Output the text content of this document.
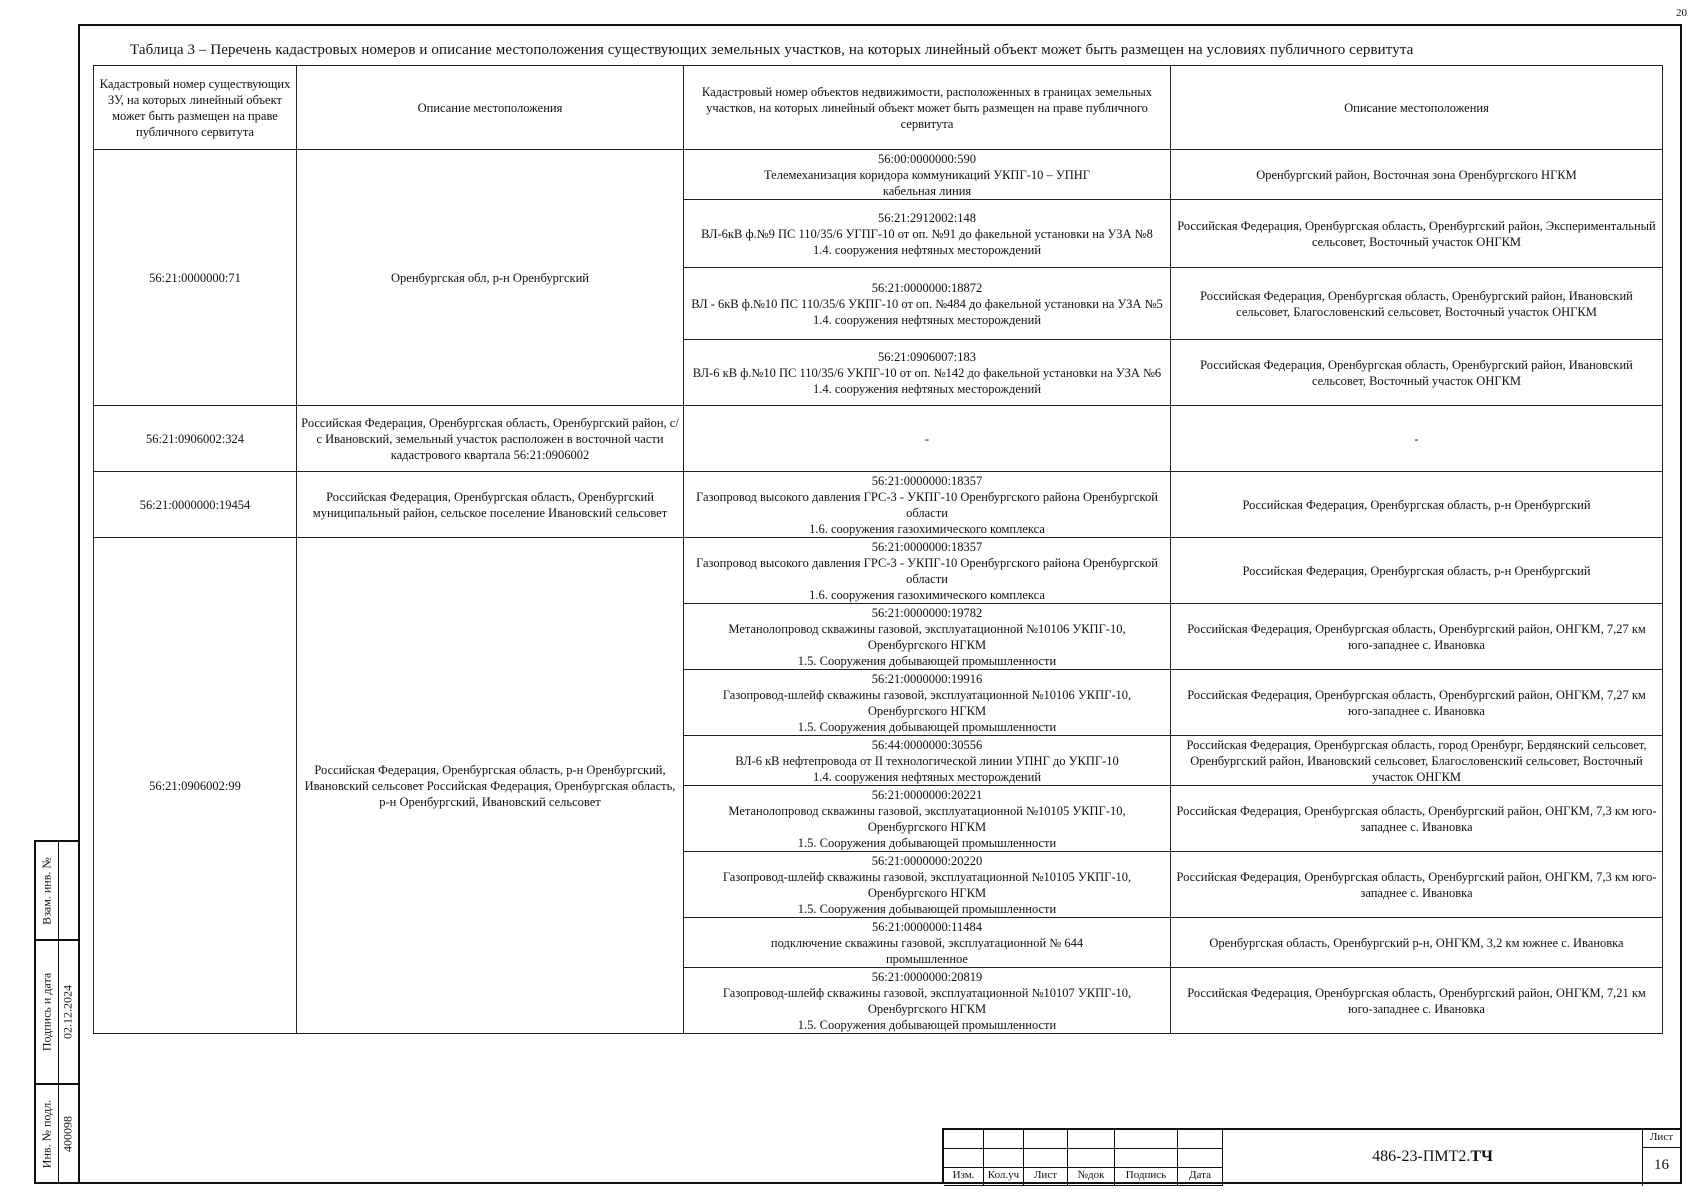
20
Таблица 3 – Перечень кадастровых номеров и описание местоположения существующих земельных участков, на которых линейный объект может быть размещен на условиях публичного сервитута
Кадастровый номер существующих ЗУ, на которых линейный объект может быть размещен на праве публичного сервитута	Описание местоположения	Кадастровый номер объектов недвижимости, расположенных в границах земельных участков, на которых линейный объект может быть размещен на праве публичного сервитута	Описание местоположения
56:21:0000000:71	Оренбургская обл, р-н Оренбургский	56:00:0000000:590
Телемеханизация коридора коммуникаций УКПГ-10 – УПНГ
кабельная линия	Оренбургский район, Восточная зона Оренбургского НГКМ

		56:21:2912002:148
ВЛ-6кВ ф.№9 ПС 110/35/6 УГПГ-10 от оп. №91 до факельной установки на УЗА №8
1.4. сооружения нефтяных месторождений	Российская Федерация, Оренбургская область, Оренбургский район, Экспериментальный сельсовет, Восточный участок ОНГКМ

		56:21:0000000:18872
ВЛ - 6кВ ф.№10 ПС 110/35/6 УКПГ-10 от оп. №484 до факельной установки на УЗА №5
1.4. сооружения нефтяных месторождений	Российская Федерация, Оренбургская область, Оренбургский район, Ивановский сельсовет, Благословенский сельсовет, Восточный участок ОНГКМ

		56:21:0906007:183
ВЛ-6 кВ ф.№10 ПС 110/35/6 УКПГ-10 от оп. №142 до факельной установки на УЗА №6
1.4. сооружения нефтяных месторождений	Российская Федерация, Оренбургская область, Оренбургский район, Ивановский сельсовет, Восточный участок ОНГКМ
56:21:0906002:324	Российская Федерация, Оренбургская область, Оренбургский район, с/с Ивановский, земельный участок расположен в восточной части кадастрового квартала 56:21:0906002	-	-
56:21:0000000:19454	Российская Федерация, Оренбургская область, Оренбургский муниципальный район, сельское поселение Ивановский сельсовет	56:21:0000000:18357
Газопровод высокого давления ГРС-3 - УКПГ-10 Оренбургского района Оренбургской области
1.6. сооружения газохимического комплекса	Российская Федерация, Оренбургская область, р-н Оренбургский
56:21:0906002:99	Российская Федерация, Оренбургская область, р-н Оренбургский, Ивановский сельсовет Российская Федерация, Оренбургская область, р-н Оренбургский, Ивановский сельсовет	56:21:0000000:18357
Газопровод высокого давления ГРС-3 - УКПГ-10 Оренбургского района Оренбургской области
1.6. сооружения газохимического комплекса	Российская Федерация, Оренбургская область, р-н Оренбургский

		56:21:0000000:19782
Метанолопровод скважины газовой, эксплуатационной №10106 УКПГ-10, Оренбургского НГКМ
1.5. Сооружения добывающей промышленности	Российская Федерация, Оренбургская область, Оренбургский район, ОНГКМ, 7,27 км юго-западнее с. Ивановка

		56:21:0000000:19916
Газопровод-шлейф скважины газовой, эксплуатационной №10106 УКПГ-10, Оренбургского НГКМ
1.5. Сооружения добывающей промышленности	Российская Федерация, Оренбургская область, Оренбургский район, ОНГКМ, 7,27 км юго-западнее с. Ивановка

		56:44:0000000:30556
ВЛ-6 кВ нефтепровода от II технологической линии УПНГ до УКПГ-10
1.4. сооружения нефтяных месторождений	Российская Федерация, Оренбургская область, город Оренбург, Бердянский сельсовет, Оренбургский район, Ивановский сельсовет, Благословенский сельсовет, Восточный участок ОНГКМ

		56:21:0000000:20221
Метанолопровод скважины газовой, эксплуатационной №10105 УКПГ-10, Оренбургского НГКМ
1.5. Сооружения добывающей промышленности	Российская Федерация, Оренбургская область, Оренбургский район, ОНГКМ, 7,3 км юго-западнее с. Ивановка

		56:21:0000000:20220
Газопровод-шлейф скважины газовой, эксплуатационной №10105 УКПГ-10, Оренбургского НГКМ
1.5. Сооружения добывающей промышленности	Российская Федерация, Оренбургская область, Оренбургский район, ОНГКМ, 7,3 км юго-западнее с. Ивановка

		56:21:0000000:11484
подключение скважины газовой, эксплуатационной № 644
промышленное	Оренбургская область, Оренбургский р-н, ОНГКМ, 3,2 км южнее с. Ивановка

		56:21:0000000:20819
Газопровод-шлейф скважины газовой, эксплуатационной №10107 УКПГ-10, Оренбургского НГКМ
1.5. Сооружения добывающей промышленности	Российская Федерация, Оренбургская область, Оренбургский район, ОНГКМ, 7,21 км юго-западнее с. Ивановка
Взам. инв. №
Подпись и дата 02.12.2024
Инв. № подл. 400098
Изм.	Кол.уч	Лист	№док	Подпись	Дата
486-23-ПМТ2.ТЧ
Лист
16
